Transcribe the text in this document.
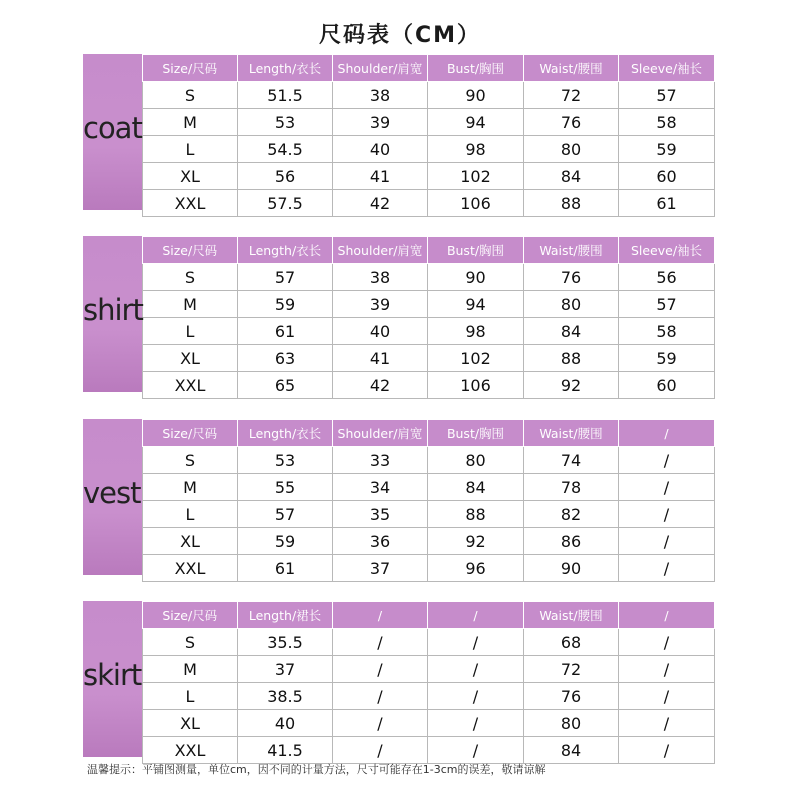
尺码表（CM）
coat
Size/尺码	Length/衣长	Shoulder/肩宽	Bust/胸围	Waist/腰围	Sleeve/袖长
S	51.5	38	90	72	57
M	53	39	94	76	58
L	54.5	40	98	80	59
XL	56	41	102	84	60
XXL	57.5	42	106	88	61
shirt
Size/尺码	Length/衣长	Shoulder/肩宽	Bust/胸围	Waist/腰围	Sleeve/袖长
S	57	38	90	76	56
M	59	39	94	80	57
L	61	40	98	84	58
XL	63	41	102	88	59
XXL	65	42	106	92	60
vest
Size/尺码	Length/衣长	Shoulder/肩宽	Bust/胸围	Waist/腰围	/
S	53	33	80	74	/
M	55	34	84	78	/
L	57	35	88	82	/
XL	59	36	92	86	/
XXL	61	37	96	90	/
skirt
Size/尺码	Length/裙长	/	/	Waist/腰围	/
S	35.5	/	/	68	/
M	37	/	/	72	/
L	38.5	/	/	76	/
XL	40	/	/	80	/
XXL	41.5	/	/	84	/
温馨提示：平铺图测量，单位cm，因不同的计量方法，尺寸可能存在1-3cm的误差，敬请谅解
